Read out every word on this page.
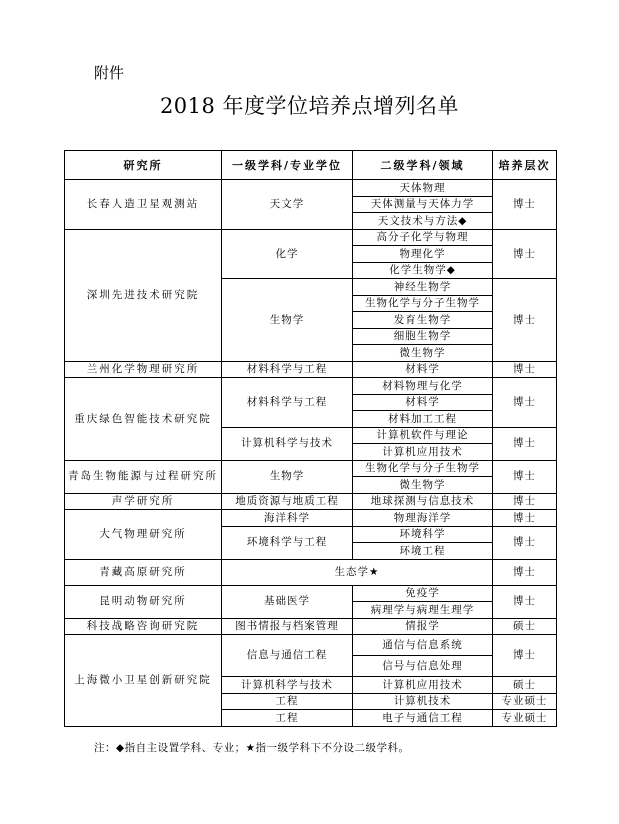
附件
2018 年度学位培养点增列名单
研究所	一级学科/专业学位	二级学科/领域	培养层次
长春人造卫星观测站	天文学	天体物理	博士
		天体测量与天体力学	
		天文技术与方法◆	
深圳先进技术研究院	化学	高分子化学与物理	博士
		物理化学	
		化学生物学◆	
	生物学	神经生物学	博士
		生物化学与分子生物学	
		发育生物学	
		细胞生物学	
		微生物学	
兰州化学物理研究所	材料科学与工程	材料学	博士
重庆绿色智能技术研究院	材料科学与工程	材料物理与化学	博士
		材料学	
		材料加工工程	
	计算机科学与技术	计算机软件与理论	博士
		计算机应用技术	
青岛生物能源与过程研究所	生物学	生物化学与分子生物学	博士
		微生物学	
声学研究所	地质资源与地质工程	地球探测与信息技术	博士
大气物理研究所	海洋科学	物理海洋学	博士
	环境科学与工程	环境科学	博士
		环境工程	
青藏高原研究所	生态学★		博士
昆明动物研究所	基础医学	免疫学	博士
		病理学与病理生理学	
科技战略咨询研究院	图书情报与档案管理	情报学	硕士
上海微小卫星创新研究院	信息与通信工程	通信与信息系统	博士
		信号与信息处理	
	计算机科学与技术	计算机应用技术	硕士
	工程	计算机技术	专业硕士
	工程	电子与通信工程	专业硕士
注：◆指自主设置学科、专业；★指一级学科下不分设二级学科。
